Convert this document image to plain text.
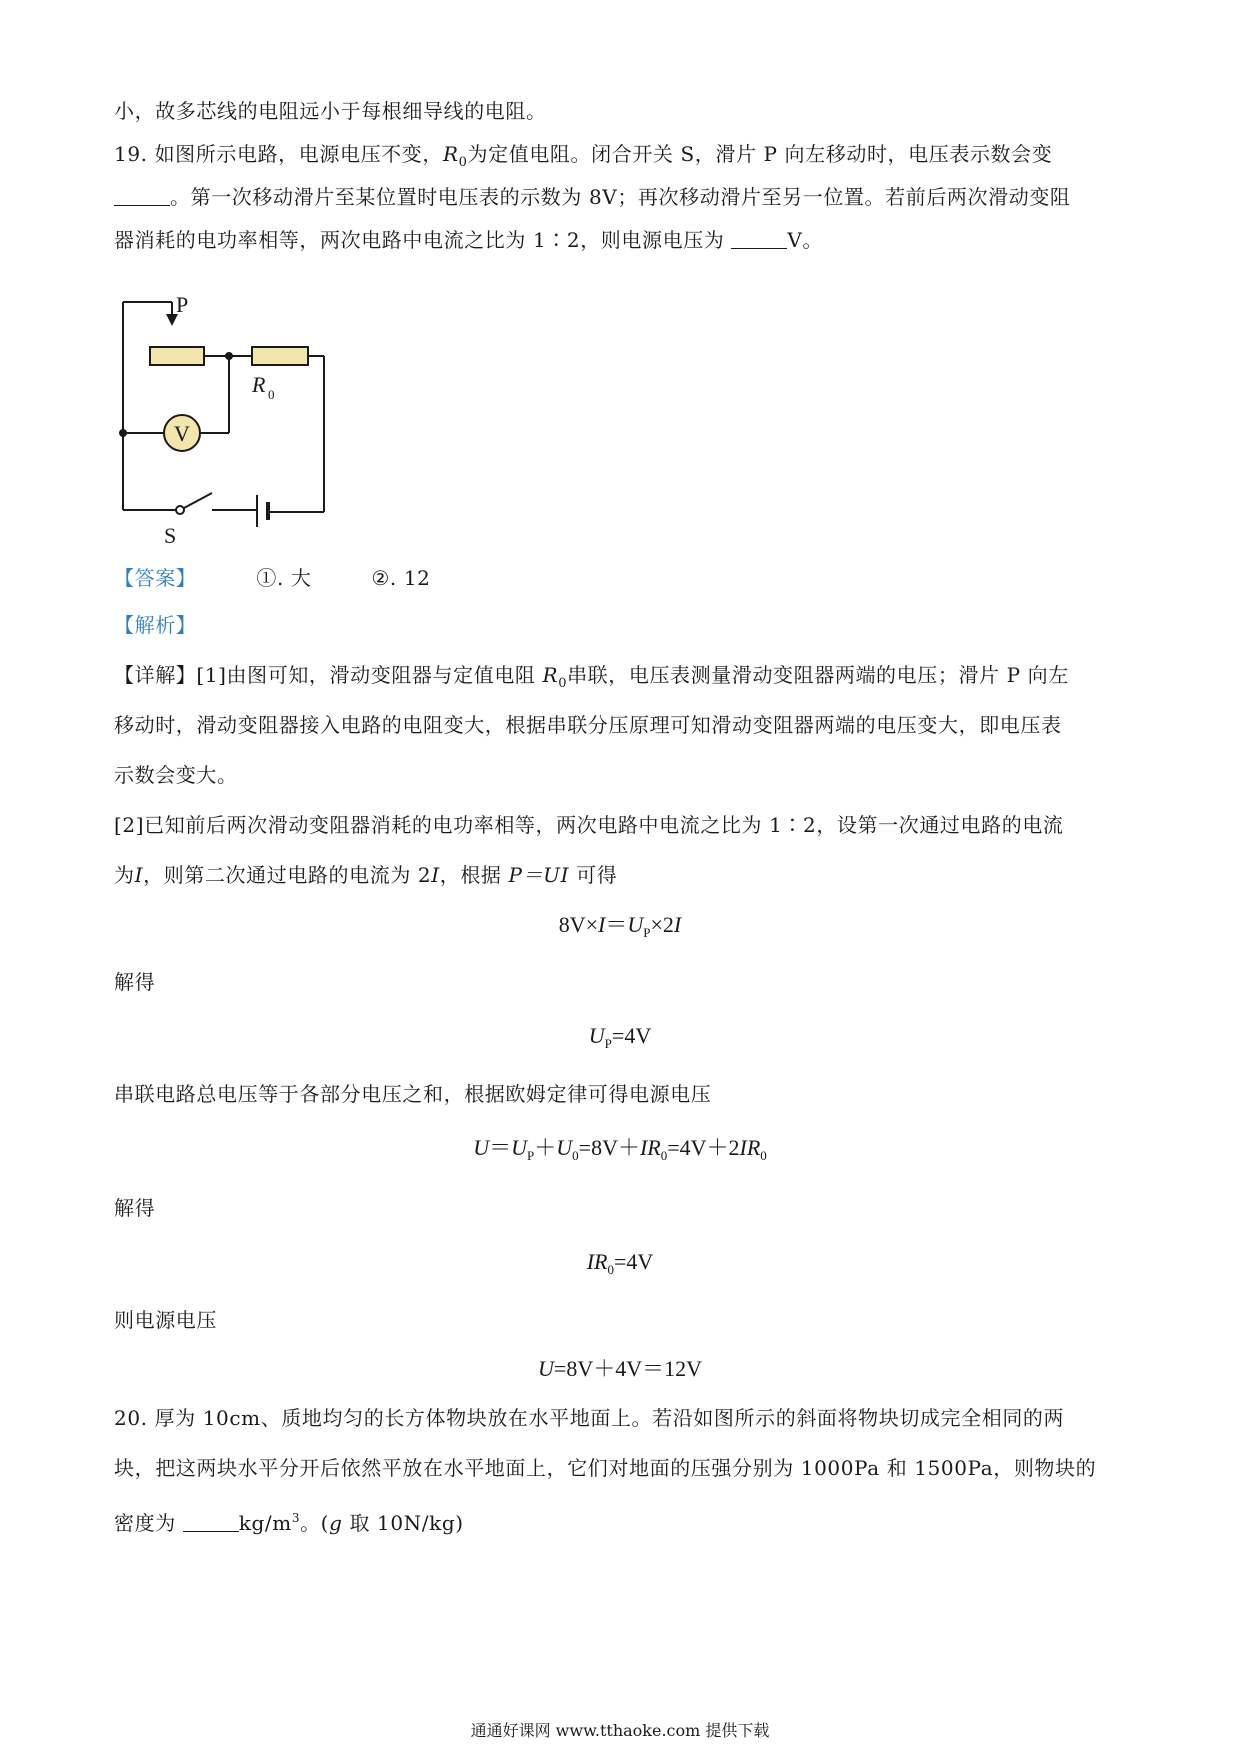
小，故多芯线的电阻远小于每根细导线的电阻。
19. 如图所示电路，电源电压不变，$R_0$为定值电阻。闭合开关 S，滑片 P 向左移动时，电压表示数会变
。第一次移动滑片至某位置时电压表的示数为 8V；再次移动滑片至另一位置。若前后两次滑动变阻
器消耗的电功率相等，两次电路中电流之比为 1∶2，则电源电压为	V。
P
R 0
V
S
【答案】	①. 大	②. 12
【解析】
【详解】[1]由图可知，滑动变阻器与定值电阻 $R_0$串联，电压表测量滑动变阻器两端的电压；滑片 P 向左
移动时，滑动变阻器接入电路的电阻变大，根据串联分压原理可知滑动变阻器两端的电压变大，即电压表
示数会变大。
[2]已知前后两次滑动变阻器消耗的电功率相等，两次电路中电流之比为 1∶2，设第一次通过电路的电流
为I，则第二次通过电路的电流为 2I，根据 P＝UI 可得
$8V\times I=U_P\times 2I$
解得
$U_P=4V$
串联电路总电压等于各部分电压之和，根据欧姆定律可得电源电压
$U=U_P+U_0=8V+IR_0=4V+2IR_0$
解得
$IR_0=4V$
则电源电压
U=8V＋4V＝12V
20. 厚为 10cm、质地均匀的长方体物块放在水平地面上。若沿如图所示的斜面将物块切成完全相同的两
块，把这两块水平分开后依然平放在水平地面上，它们对地面的压强分别为 1000Pa 和 1500Pa，则物块的
密度为	$kg/m^3$。(g 取 10N/kg)
通通好课网 www.tthaoke.com 提供下载
